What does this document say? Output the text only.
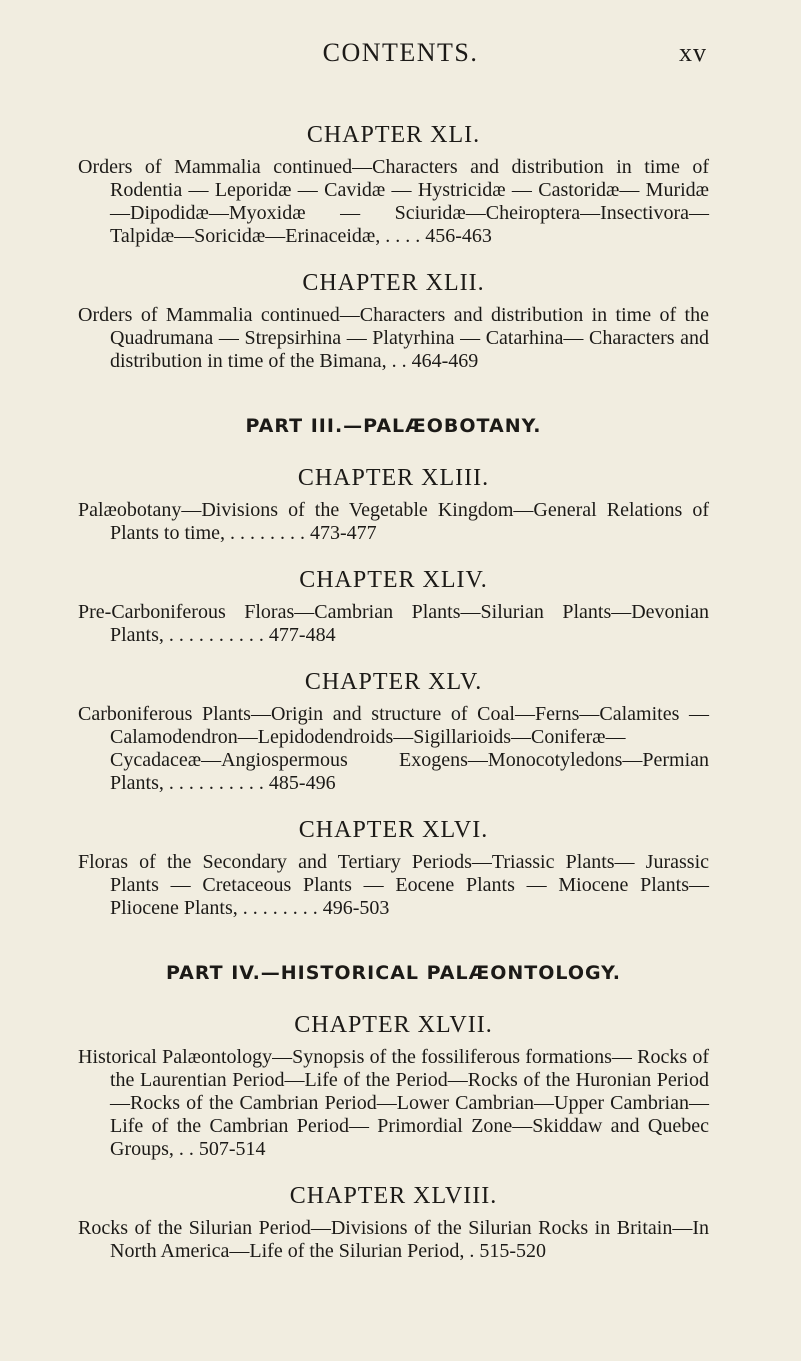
CONTENTS.	xv
CHAPTER XLI.

Orders of Mammalia continued—Characters and distribution in time of Rodentia — Leporidæ — Cavidæ — Hystricidæ — Castoridæ— Muridæ—Dipodidæ—Myoxidæ — Sciuridæ—Cheiroptera—Insectivora—Talpidæ—Soricidæ—Erinaceidæ, . . . . 456-463

CHAPTER XLII.

Orders of Mammalia continued—Characters and distribution in time of the Quadrumana — Strepsirhina — Platyrhina — Catarhina— Characters and distribution in time of the Bimana, . . 464-469

PART III.—PALÆOBOTANY.
CHAPTER XLIII.

Palæobotany—Divisions of the Vegetable Kingdom—General Relations of Plants to time, . . . . . . . . 473-477

CHAPTER XLIV.

Pre-Carboniferous Floras—Cambrian Plants—Silurian Plants—Devonian Plants, . . . . . . . . . . 477-484

CHAPTER XLV.

Carboniferous Plants—Origin and structure of Coal—Ferns—Calamites —Calamodendron—Lepidodendroids—Sigillarioids—Coniferæ— Cycadaceæ—Angiospermous Exogens—Monocotyledons—Permian Plants, . . . . . . . . . . 485-496

CHAPTER XLVI.

Floras of the Secondary and Tertiary Periods—Triassic Plants— Jurassic Plants — Cretaceous Plants — Eocene Plants — Miocene Plants—Pliocene Plants, . . . . . . . . 496-503

PART IV.—HISTORICAL PALÆONTOLOGY.
CHAPTER XLVII.

Historical Palæontology—Synopsis of the fossiliferous formations— Rocks of the Laurentian Period—Life of the Period—Rocks of the Huronian Period—Rocks of the Cambrian Period—Lower Cambrian—Upper Cambrian—Life of the Cambrian Period— Primordial Zone—Skiddaw and Quebec Groups, . . 507-514

CHAPTER XLVIII.

Rocks of the Silurian Period—Divisions of the Silurian Rocks in Britain—In North America—Life of the Silurian Period, . 515-520
